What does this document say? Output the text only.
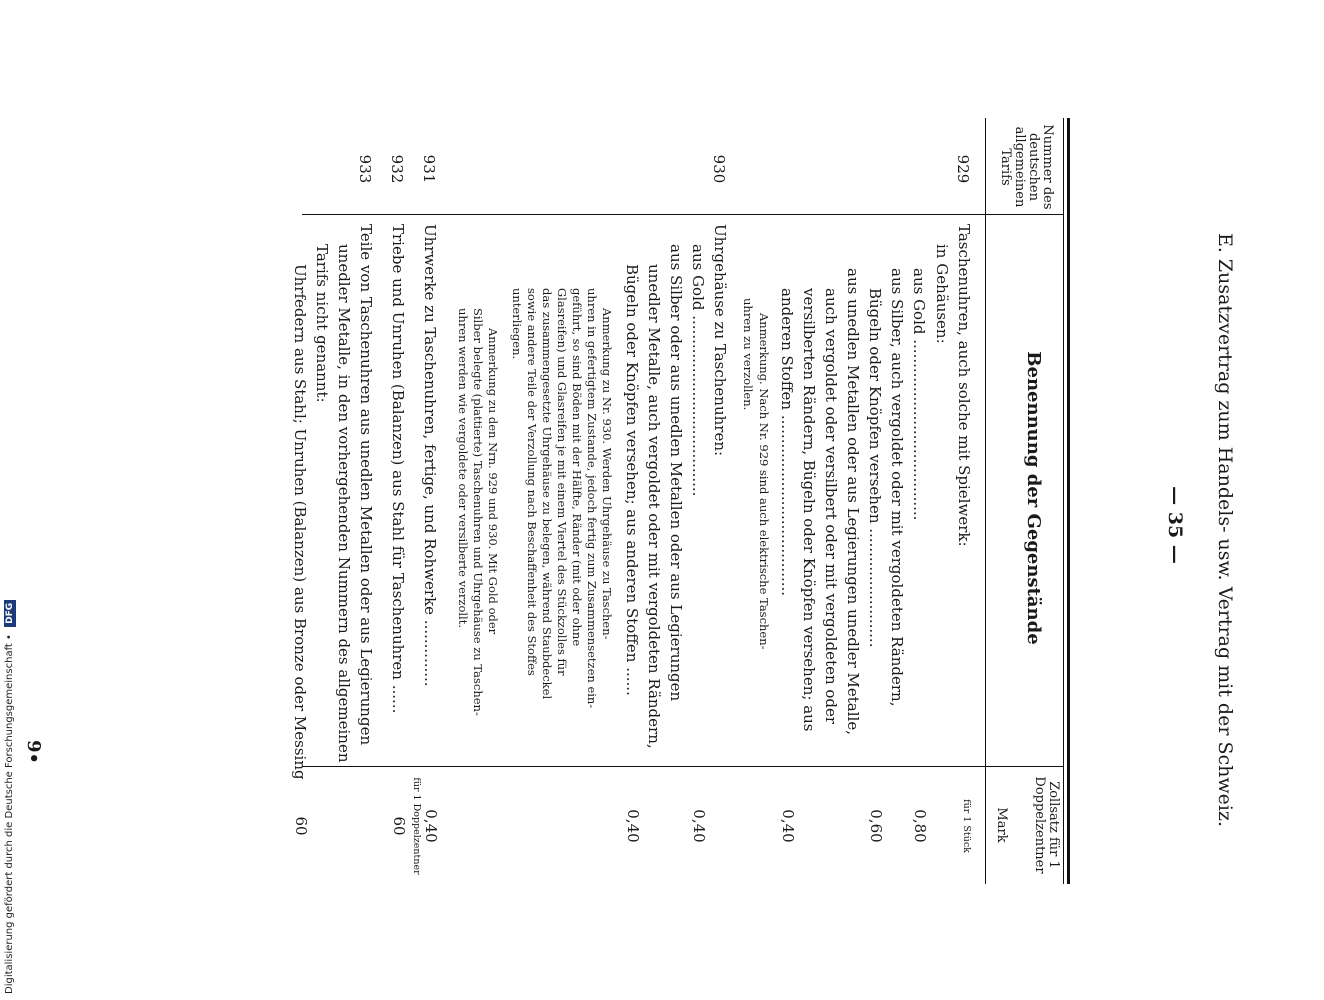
E. Zusatzvertrag zum Handels- usw. Vertrag mit der Schweiz.
— 35 —
Nummer des deutschen allgemeinen Tarifs
Benennung der Gegenstände
Zollsatz für 1 Doppelzentner
Mark
929
Taschenuhren, auch solche mit Spielwerk:
in Gehäusen:
aus Gold ......................................
aus Silber, auch vergoldet oder mit vergoldeten Rändern,
Bügeln oder Knöpfen versehen .........................
aus unedlen Metallen oder aus Legierungen unedler Metalle,
auch vergoldet oder versilbert oder mit vergoldeten oder
versilberten Rändern, Bügeln oder Knöpfen versehen; aus
anderen Stoffen ......................................
Anmerkung. Nach Nr. 929 sind auch elektrische Taschen-
uhren zu verzollen.
für 1 Stück
0,80
0,60
0,40
930
Uhrgehäuse zu Taschenuhren:
aus Gold ......................................
aus Silber oder aus unedlen Metallen oder aus Legierungen
unedler Metalle, auch vergoldet oder mit vergoldeten Rändern,
Bügeln oder Knöpfen versehen; aus anderen Stoffen ......
Anmerkung zu Nr. 930. Werden Uhrgehäuse zu Taschen-
uhren in gefertigtem Zustande, jedoch fertig zum Zusammensetzen ein-
geführt, so sind Böden mit der Hälfte, Ränder (mit oder ohne
Glasreifen) und Glasreifen je mit einem Viertel des Stückzolles für
das zusammengesetzte Uhrgehäuse zu belegen, während Staubdeckel
sowie andere Teile der Verzollung nach Beschaffenheit des Stoffes
unterliegen.
Anmerkung zu den Nrn. 929 und 930. Mit Gold oder
Silber belegte (plattierte) Taschenuhren und Uhrgehäuse zu Taschen-
uhren werden wie vergoldete oder versilberte verzollt.
0,40
0,40
931
Uhrwerke zu Taschenuhren, fertige, und Rohwerke ..............
0,40
für 1 Doppelzentner
932
Triebe und Unruhen (Balanzen) aus Stahl für Taschenuhren ......
60
933
Teile von Taschenuhren aus unedlen Metallen oder aus Legierungen
unedler Metalle, in den vorhergehenden Nummern des allgemeinen
Tarifs nicht genannt:
Uhrfedern aus Stahl; Unruhen (Balanzen) aus Bronze oder Messing
60
9•
Digitalisierung gefördert durch die Deutsche Forschungsgemeinschaft • DFG
